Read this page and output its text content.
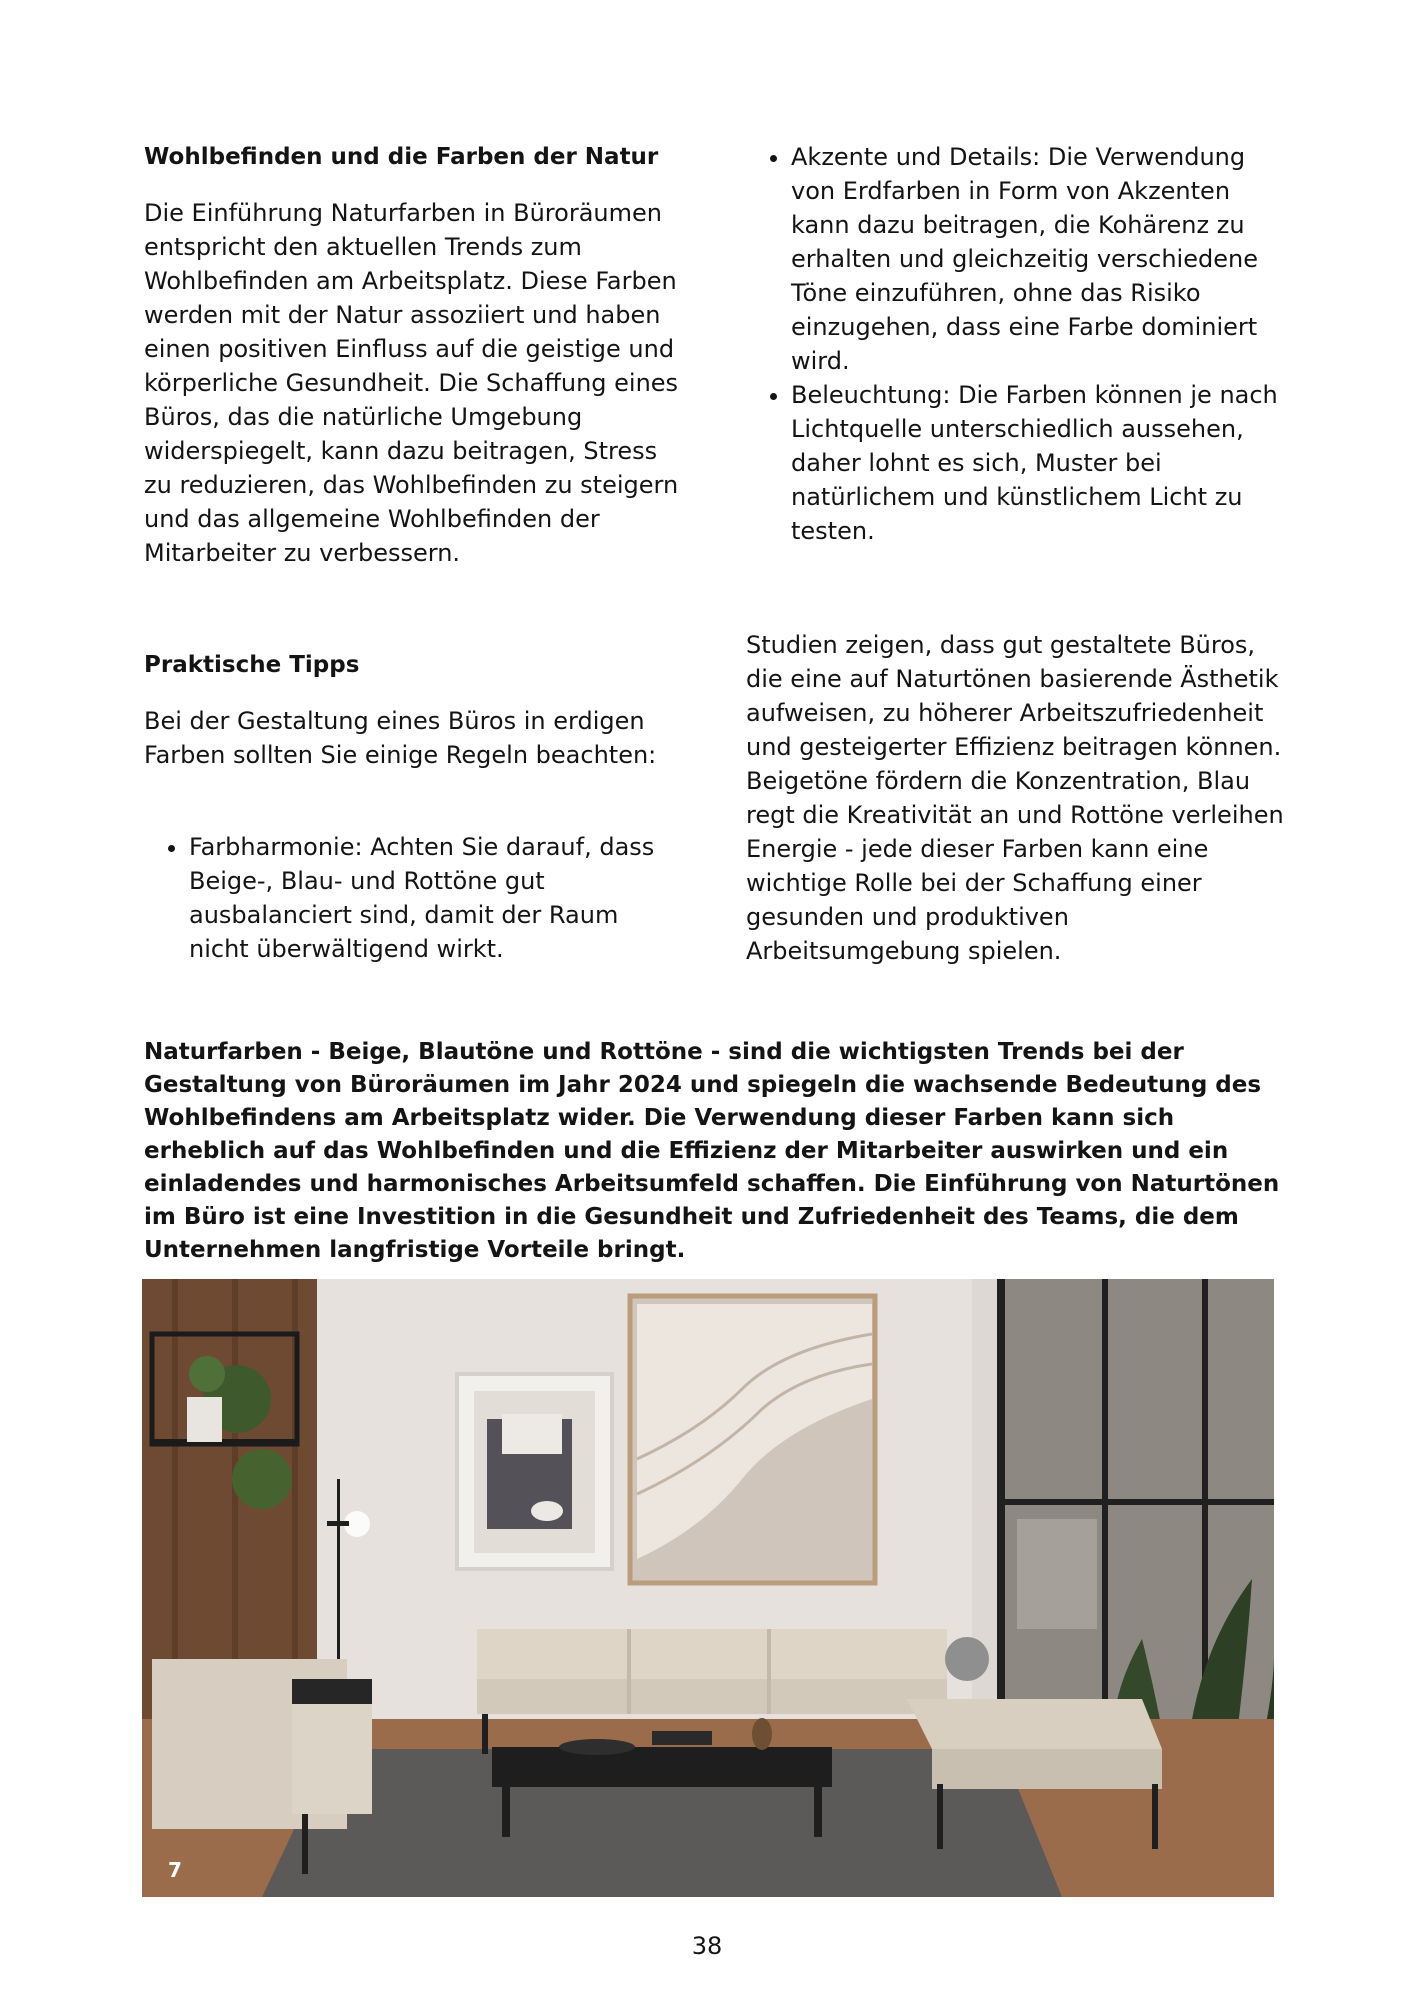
Wohlbefinden und die Farben der Natur

Die Einführung Naturfarben in Büroräumen entspricht den aktuellen Trends zum Wohlbefinden am Arbeitsplatz. Diese Farben werden mit der Natur assoziiert und haben einen positiven Einfluss auf die geistige und körperliche Gesundheit. Die Schaffung eines Büros, das die natürliche Umgebung widerspiegelt, kann dazu beitragen, Stress zu reduzieren, das Wohlbefinden zu steigern und das allgemeine Wohlbefinden der Mitarbeiter zu verbessern.

Praktische Tipps

Bei der Gestaltung eines Büros in erdigen Farben sollten Sie einige Regeln beachten:

• Farbharmonie: Achten Sie darauf, dass Beige-, Blau- und Rottöne gut ausbalanciert sind, damit der Raum nicht überwältigend wirkt.
• Akzente und Details: Die Verwendung von Erdfarben in Form von Akzenten kann dazu beitragen, die Kohärenz zu erhalten und gleichzeitig verschiedene Töne einzuführen, ohne das Risiko einzugehen, dass eine Farbe dominiert wird.
• Beleuchtung: Die Farben können je nach Lichtquelle unterschiedlich aussehen, daher lohnt es sich, Muster bei natürlichem und künstlichem Licht zu testen.

Studien zeigen, dass gut gestaltete Büros, die eine auf Naturtönen basierende Ästhetik aufweisen, zu höherer Arbeitszufriedenheit und gesteigerter Effizienz beitragen können. Beigetöne fördern die Konzentration, Blau regt die Kreativität an und Rottöne verleihen Energie - jede dieser Farben kann eine wichtige Rolle bei der Schaffung einer gesunden und produktiven Arbeitsumgebung spielen.

Naturfarben - Beige, Blautöne und Rottöne - sind die wichtigsten Trends bei der Gestaltung von Büroräumen im Jahr 2024 und spiegeln die wachsende Bedeutung des Wohlbefindens am Arbeitsplatz wider. Die Verwendung dieser Farben kann sich erheblich auf das Wohlbefinden und die Effizienz der Mitarbeiter auswirken und ein einladendes und harmonisches Arbeitsumfeld schaffen. Die Einführung von Naturtönen im Büro ist eine Investition in die Gesundheit und Zufriedenheit des Teams, die dem Unternehmen langfristige Vorteile bringt.

7
38
